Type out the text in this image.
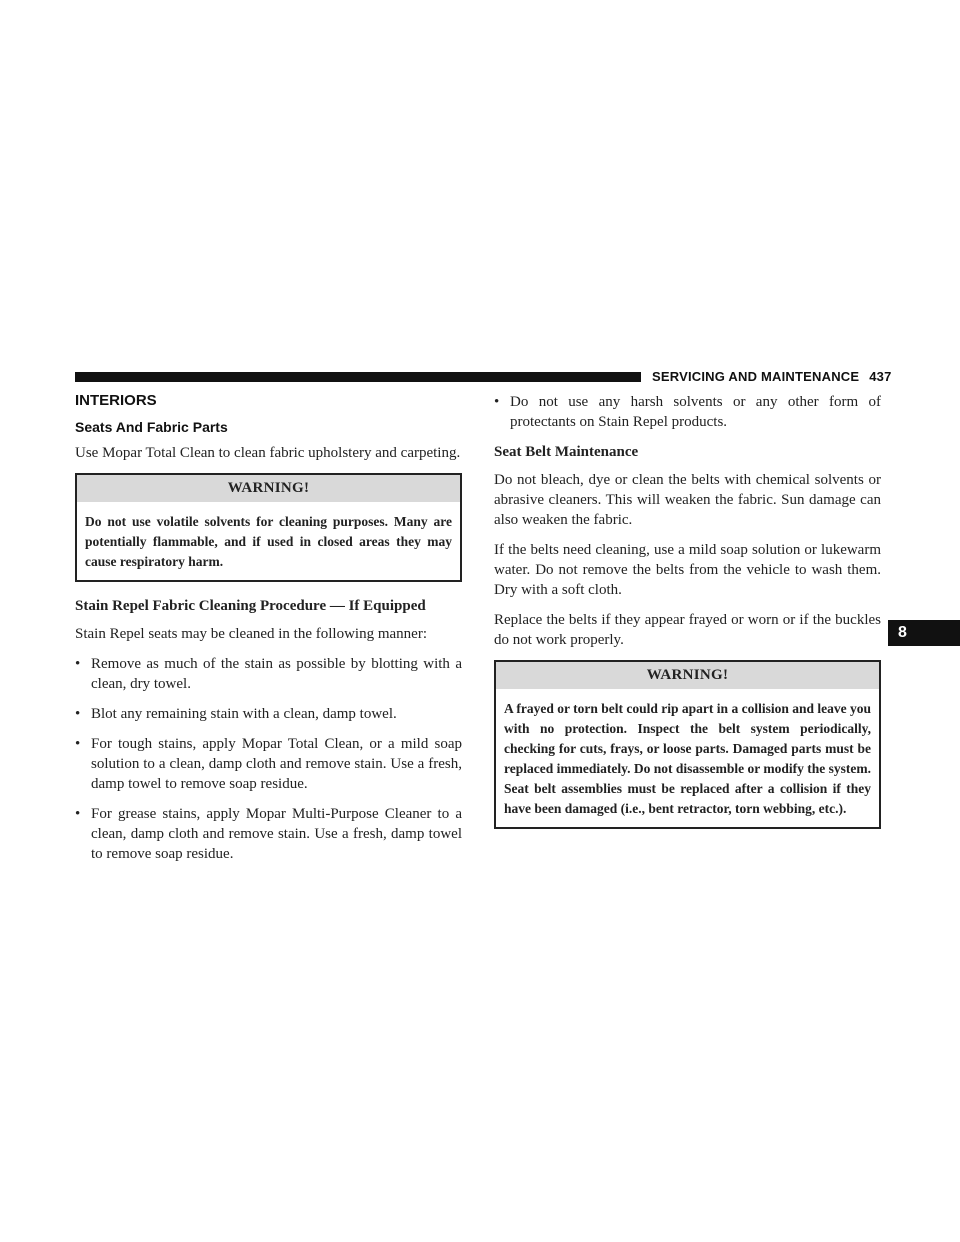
SERVICING AND MAINTENANCE 437
INTERIORS
Seats And Fabric Parts

Use Mopar Total Clean to clean fabric upholstery and carpeting.

WARNING!
Do not use volatile solvents for cleaning purposes. Many are potentially flammable, and if used in closed areas they may cause respiratory harm.
Stain Repel Fabric Cleaning Procedure — If Equipped

Stain Repel seats may be cleaned in the following manner:

• Remove as much of the stain as possible by blotting with a clean, dry towel.
• Blot any remaining stain with a clean, damp towel.
• For tough stains, apply Mopar Total Clean, or a mild soap solution to a clean, damp cloth and remove stain. Use a fresh, damp towel to remove soap residue.
• For grease stains, apply Mopar Multi-Purpose Cleaner to a clean, damp cloth and remove stain. Use a fresh, damp towel to remove soap residue.
• Do not use any harsh solvents or any other form of protectants on Stain Repel products.
Seat Belt Maintenance

Do not bleach, dye or clean the belts with chemical solvents or abrasive cleaners. This will weaken the fabric. Sun damage can also weaken the fabric.

If the belts need cleaning, use a mild soap solution or lukewarm water. Do not remove the belts from the vehicle to wash them. Dry with a soft cloth.

Replace the belts if they appear frayed or worn or if the buckles do not work properly.

WARNING!
A frayed or torn belt could rip apart in a collision and leave you with no protection. Inspect the belt system periodically, checking for cuts, frays, or loose parts. Damaged parts must be replaced immediately. Do not disassemble or modify the system. Seat belt assemblies must be replaced after a collision if they have been damaged (i.e., bent retractor, torn webbing, etc.).
8
